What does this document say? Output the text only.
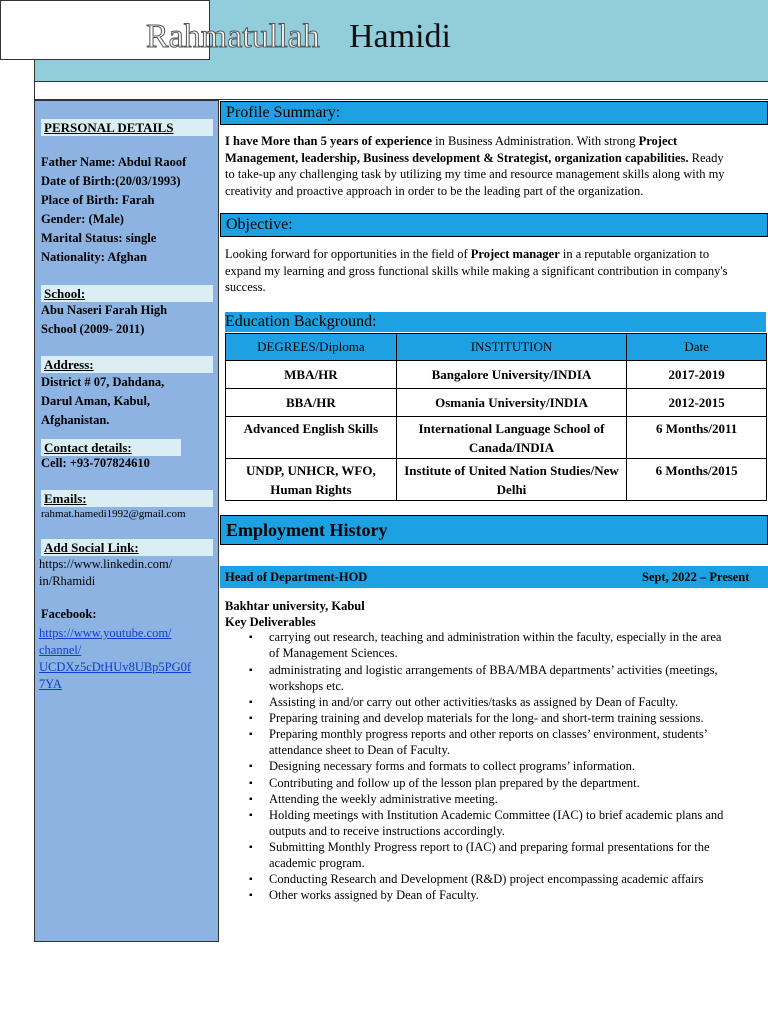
Rahmatullah Hamidi
PERSONAL DETAILS
Father Name: Abdul Raoof
Date of Birth:(20/03/1993)
Place of Birth: Farah
Gender: (Male)
Marital Status: single
Nationality: Afghan
School:
Abu Naseri Farah High
School (2009- 2011)
Address:
District # 07, Dahdana,
Darul Aman, Kabul,
Afghanistan.
Contact details:
Cell: +93-707824610
Emails:
rahmat.hamedi1992@gmail.com
Add Social Link:
https://www.linkedin.com/
in/Rhamidi
Facebook:
https://www.youtube.com/
channel/
UCDXz5cDtHUv8UBp5PG0f
7YA
Profile Summary:
I have More than 5 years of experience in Business Administration. With strong Project
Management, leadership, Business development & Strategist, organization capabilities. Ready
to take-up any challenging task by utilizing my time and resource management skills along with my
creativity and proactive approach in order to be the leading part of the organization.
Objective:
Looking forward for opportunities in the field of Project manager in a reputable organization to
expand my learning and gross functional skills while making a significant contribution in company's
success.
Education Background:
DEGREES/Diploma	INSTITUTION	Date
MBA/HR	Bangalore University/INDIA	2017-2019
BBA/HR	Osmania University/INDIA	2012-2015
Advanced English Skills	International Language School of Canada/INDIA	6 Months/2011
UNDP, UNHCR, WFO, Human Rights	Institute of United Nation Studies/New Delhi	6 Months/2015
Employment History
Head of Department-HOD	Sept, 2022 – Present
Bakhtar university, Kabul
Key Deliverables
▪ carrying out research, teaching and administration within the faculty, especially in the area
of Management Sciences.
▪ administrating and logistic arrangements of BBA/MBA departments’ activities (meetings,
workshops etc.
▪ Assisting in and/or carry out other activities/tasks as assigned by Dean of Faculty.
▪ Preparing training and develop materials for the long- and short-term training sessions.
▪ Preparing monthly progress reports and other reports on classes’ environment, students’
attendance sheet to Dean of Faculty.
▪ Designing necessary forms and formats to collect programs’ information.
▪ Contributing and follow up of the lesson plan prepared by the department.
▪ Attending the weekly administrative meeting.
▪ Holding meetings with Institution Academic Committee (IAC) to brief academic plans and
outputs and to receive instructions accordingly.
▪ Submitting Monthly Progress report to (IAC) and preparing formal presentations for the
academic program.
▪ Conducting Research and Development (R&D) project encompassing academic affairs
▪ Other works assigned by Dean of Faculty.
